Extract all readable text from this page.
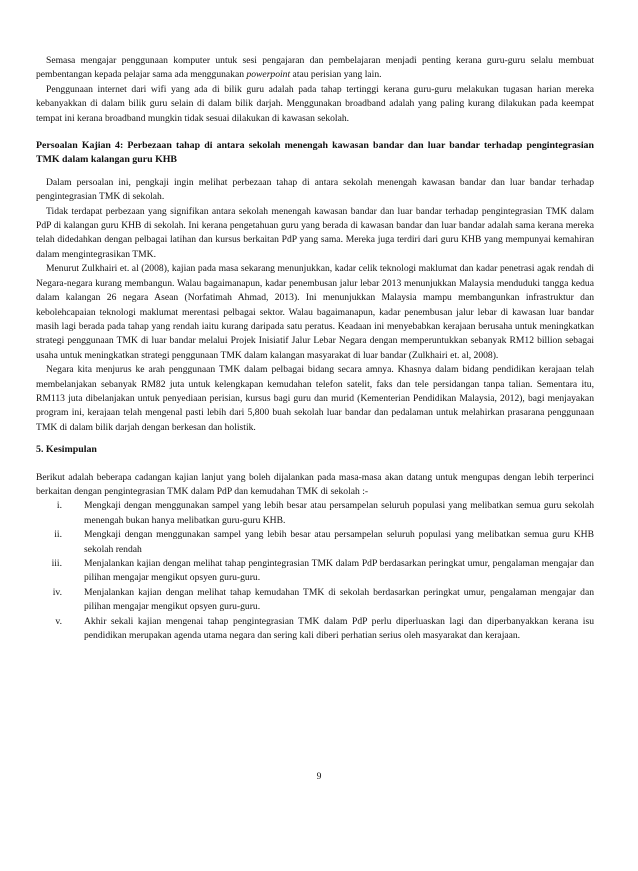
Semasa mengajar penggunaan komputer untuk sesi pengajaran dan pembelajaran menjadi penting kerana guru-guru selalu membuat pembentangan kepada pelajar sama ada menggunakan powerpoint atau perisian yang lain.

Penggunaan internet dari wifi yang ada di bilik guru adalah pada tahap tertinggi kerana guru-guru melakukan tugasan harian mereka kebanyakkan di dalam bilik guru selain di dalam bilik darjah. Menggunakan broadband adalah yang paling kurang dilakukan pada keempat tempat ini kerana broadband mungkin tidak sesuai dilakukan di kawasan sekolah.

Persoalan Kajian 4: Perbezaan tahap di antara sekolah menengah kawasan bandar dan luar bandar terhadap pengintegrasian TMK dalam kalangan guru KHB

Dalam persoalan ini, pengkaji ingin melihat perbezaan tahap di antara sekolah menengah kawasan bandar dan luar bandar terhadap pengintegrasian TMK di sekolah.

Tidak terdapat perbezaan yang signifikan antara sekolah menengah kawasan bandar dan luar bandar terhadap pengintegrasian TMK dalam PdP di kalangan guru KHB di sekolah. Ini kerana pengetahuan guru yang berada di kawasan bandar dan luar bandar adalah sama kerana mereka telah didedahkan dengan pelbagai latihan dan kursus berkaitan PdP yang sama. Mereka juga terdiri dari guru KHB yang mempunyai kemahiran dalam mengintegrasikan TMK.

Menurut Zulkhairi et. al (2008), kajian pada masa sekarang menunjukkan, kadar celik teknologi maklumat dan kadar penetrasi agak rendah di Negara-negara kurang membangun. Walau bagaimanapun, kadar penembusan jalur lebar 2013 menunjukkan Malaysia menduduki tangga kedua dalam kalangan 26 negara Asean (Norfatimah Ahmad, 2013). Ini menunjukkan Malaysia mampu membangunkan infrastruktur dan kebolehcapaian teknologi maklumat merentasi pelbagai sektor. Walau bagaimanapun, kadar penembusan jalur lebar di kawasan luar bandar masih lagi berada pada tahap yang rendah iaitu kurang daripada satu peratus. Keadaan ini menyebabkan kerajaan berusaha untuk meningkatkan strategi penggunaan TMK di luar bandar melalui Projek Inisiatif Jalur Lebar Negara dengan memperuntukkan sebanyak RM12 billion sebagai usaha untuk meningkatkan strategi penggunaan TMK dalam kalangan masyarakat di luar bandar (Zulkhairi et. al, 2008).

Negara kita menjurus ke arah penggunaan TMK dalam pelbagai bidang secara amnya. Khasnya dalam bidang pendidikan kerajaan telah membelanjakan sebanyak RM82 juta untuk kelengkapan kemudahan telefon satelit, faks dan tele persidangan tanpa talian. Sementara itu, RM113 juta dibelanjakan untuk penyediaan perisian, kursus bagi guru dan murid (Kementerian Pendidikan Malaysia, 2012), bagi menjayakan program ini, kerajaan telah mengenal pasti lebih dari 5,800 buah sekolah luar bandar dan pedalaman untuk melahirkan prasarana penggunaan TMK di dalam bilik darjah dengan berkesan dan holistik.

5. Kesimpulan

Berikut adalah beberapa cadangan kajian lanjut yang boleh dijalankan pada masa-masa akan datang untuk mengupas dengan lebih terperinci berkaitan dengan pengintegrasian TMK dalam PdP dan kemudahan TMK di sekolah :-

i.	Mengkaji dengan menggunakan sampel yang lebih besar atau persampelan seluruh populasi yang melibatkan semua guru sekolah menengah bukan hanya melibatkan guru-guru KHB.
ii.	Mengkaji dengan menggunakan sampel yang lebih besar atau persampelan seluruh populasi yang melibatkan semua guru KHB sekolah rendah
iii.	Menjalankan kajian dengan melihat tahap pengintegrasian TMK dalam PdP berdasarkan peringkat umur, pengalaman mengajar dan pilihan mengajar mengikut opsyen guru-guru.
iv.	Menjalankan kajian dengan melihat tahap kemudahan TMK di sekolah berdasarkan peringkat umur, pengalaman mengajar dan pilihan mengajar mengikut opsyen guru-guru.
v.	Akhir sekali kajian mengenai tahap pengintegrasian TMK dalam PdP perlu diperluaskan lagi dan diperbanyakkan kerana isu pendidikan merupakan agenda utama negara dan sering kali diberi perhatian serius oleh masyarakat dan kerajaan.
9
